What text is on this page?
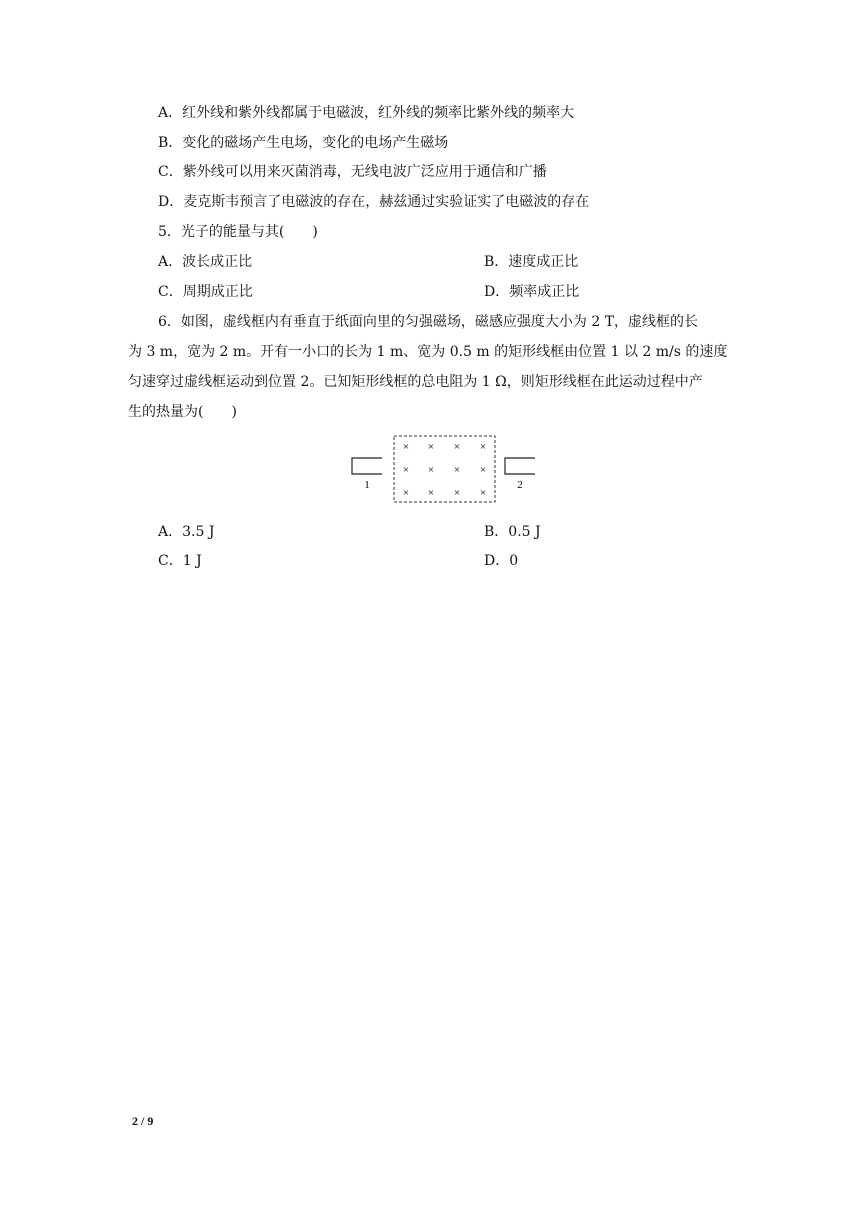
A．红外线和紫外线都属于电磁波，红外线的频率比紫外线的频率大
B．变化的磁场产生电场，变化的电场产生磁场
C．紫外线可以用来灭菌消毒，无线电波广泛应用于通信和广播
D．麦克斯韦预言了电磁波的存在，赫兹通过实验证实了电磁波的存在
5．光子的能量与其(　　)
A．波长成正比	B．速度成正比
C．周期成正比	D．频率成正比
6．如图，虚线框内有垂直于纸面向里的匀强磁场，磁感应强度大小为 2 T，虚线框的长
为 3 m，宽为 2 m。开有一小口的长为 1 m、宽为 0.5 m 的矩形线框由位置 1 以 2 m/s 的速度
匀速穿过虚线框运动到位置 2。已知矩形线框的总电阻为 1 Ω，则矩形线框在此运动过程中产
生的热量为(　　)
1	2
× × × ×
× × × ×
× × × ×
A．3.5 J	B．0.5 J
C．1 J	D．0
2 / 9
